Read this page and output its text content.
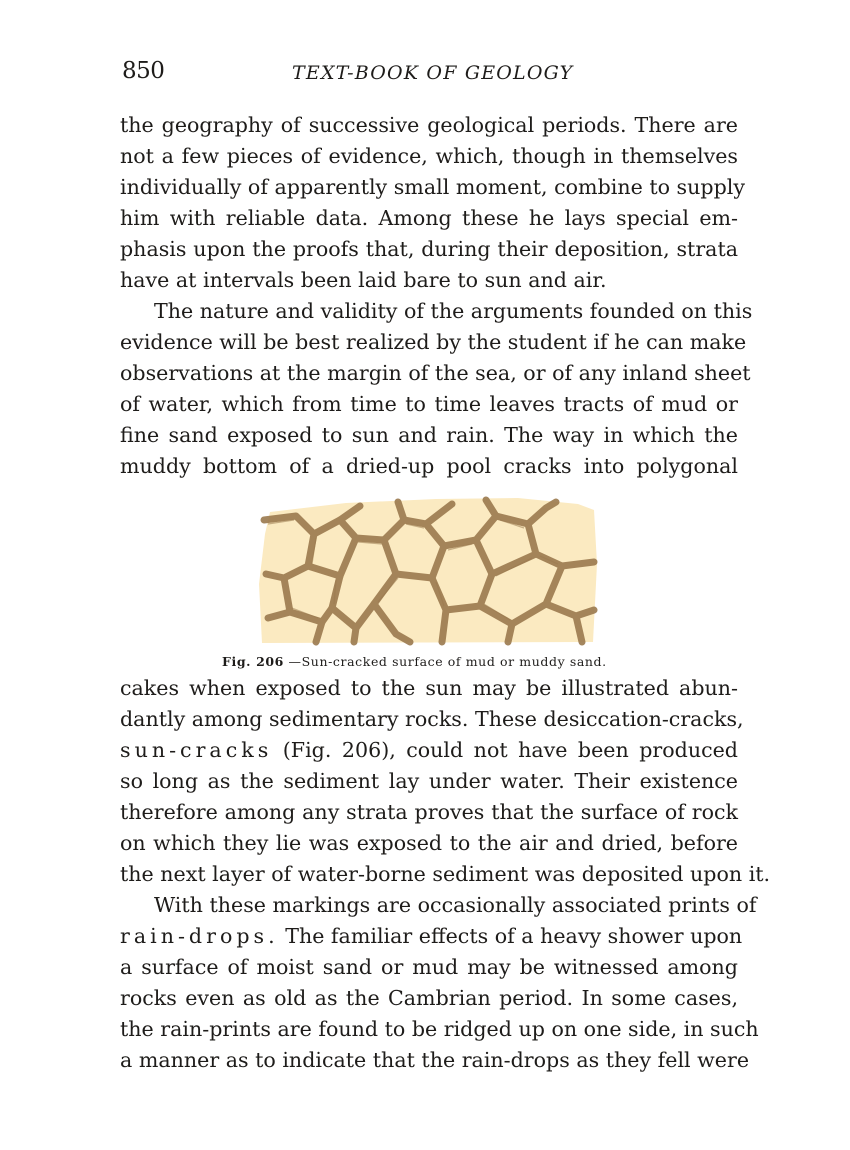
850	TEXT-BOOK OF GEOLOGY
the geography of successive geological periods. There are
not a few pieces of evidence, which, though in themselves
individually of apparently small moment, combine to supply
him with reliable data. Among these he lays special em-
phasis upon the proofs that, during their deposition, strata
have at intervals been laid bare to sun and air.
The nature and validity of the arguments founded on this
evidence will be best realized by the student if he can make
observations at the margin of the sea, or of any inland sheet
of water, which from time to time leaves tracts of mud or
fine sand exposed to sun and rain. The way in which the
muddy bottom of a dried-up pool cracks into polygonal
Fig. 206 —Sun-cracked surface of mud or muddy sand.
cakes when exposed to the sun may be illustrated abun-
dantly among sedimentary rocks. These desiccation-cracks,
sun-cracks (Fig. 206), could not have been produced
so long as the sediment lay under water. Their existence
therefore among any strata proves that the surface of rock
on which they lie was exposed to the air and dried, before
the next layer of water-borne sediment was deposited upon it.
With these markings are occasionally associated prints of
rain-drops. The familiar effects of a heavy shower upon
a surface of moist sand or mud may be witnessed among
rocks even as old as the Cambrian period. In some cases,
the rain-prints are found to be ridged up on one side, in such
a manner as to indicate that the rain-drops as they fell were
